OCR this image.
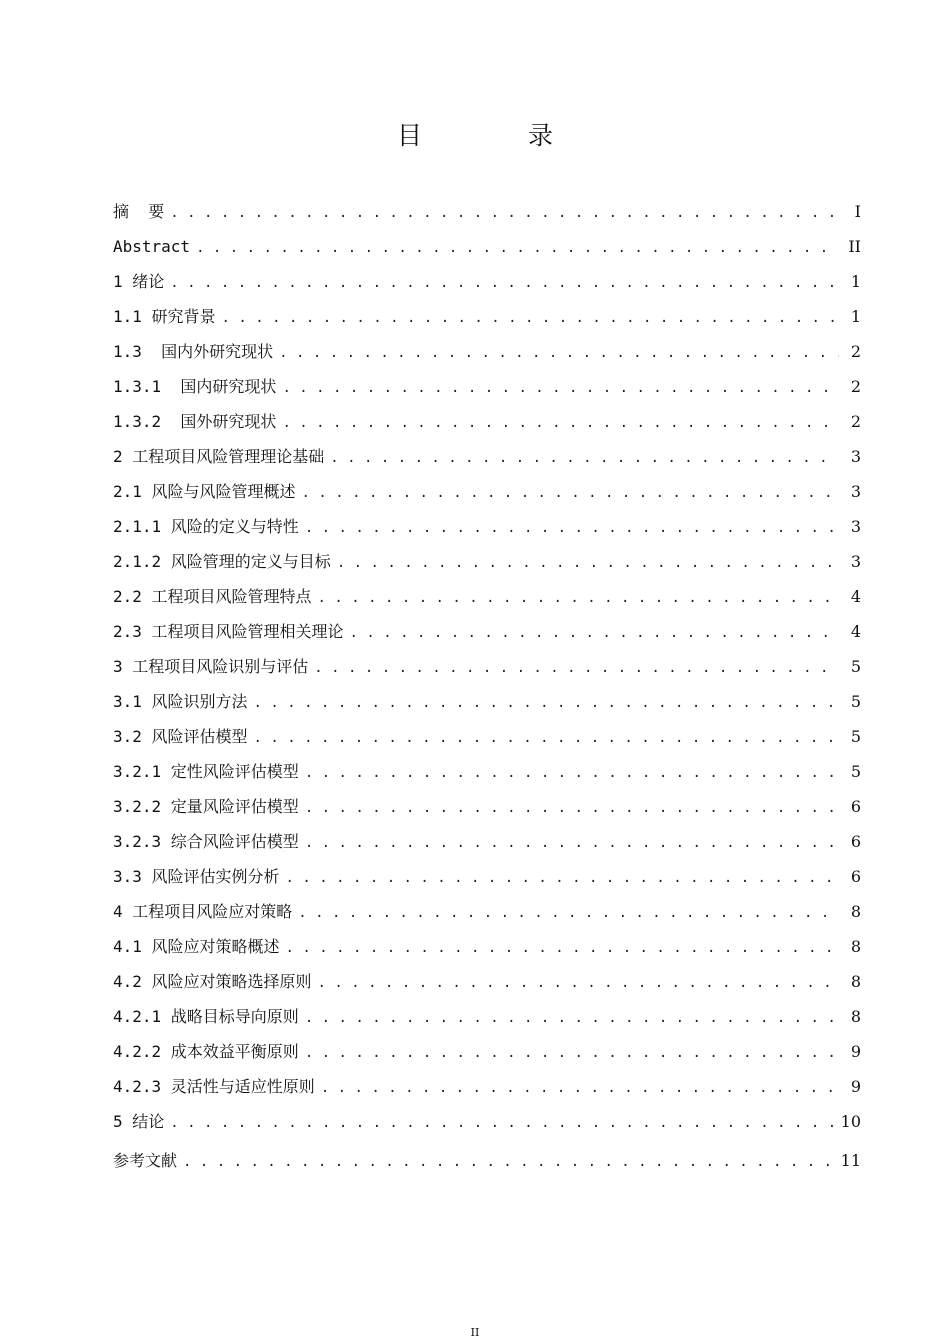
目  录
摘  要 . . .	I
Abstract . . .	II
1 绪论 . . .	1
1.1 研究背景 . . .	1
1.3  国内外研究现状 . . .	2
1.3.1  国内研究现状 . . .	2
1.3.2  国外研究现状 . . .	2
2 工程项目风险管理理论基础 . . .	3
2.1 风险与风险管理概述 . . .	3
2.1.1 风险的定义与特性 . . .	3
2.1.2 风险管理的定义与目标 . . .	3
2.2 工程项目风险管理特点 . . .	4
2.3 工程项目风险管理相关理论 . . .	4
3 工程项目风险识别与评估 . . .	5
3.1 风险识别方法 . . .	5
3.2 风险评估模型 . . .	5
3.2.1 定性风险评估模型 . . .	5
3.2.2 定量风险评估模型 . . .	6
3.2.3 综合风险评估模型 . . .	6
3.3 风险评估实例分析 . . .	6
4 工程项目风险应对策略 . . .	8
4.1 风险应对策略概述 . . .	8
4.2 风险应对策略选择原则 . . .	8
4.2.1 战略目标导向原则 . . .	8
4.2.2 成本效益平衡原则 . . .	9
4.2.3 灵活性与适应性原则 . . .	9
5 结论 . . .	10
参考文献 . . .	11
II
